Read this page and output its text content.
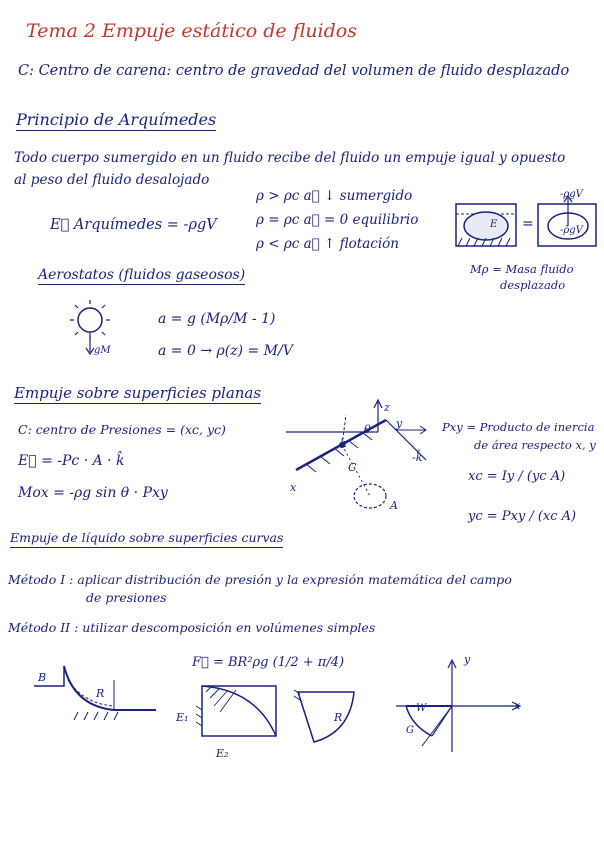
Tema 2 Empuje estático de fluidos
C: Centro de carena: centro de gravedad del volumen de fluido desplazado
Principio de Arquímedes
Todo cuerpo sumergido en un fluido recibe del fluido un empuje igual y opuesto
al peso del fluido desalojado
E⃗ Arquímedes = -ρgV
ρ > ρc a⃗ ↓ sumergido
ρ = ρc a⃗ = 0 equilibrio
ρ < ρc a⃗ ↑ flotación
=
-ρgV
E
-ρ̄gV
Mρ = Masa fluido
desplazado
Aerostatos (fluidos gaseosos)
gM
a = g (Mρ/M - 1)
a = 0 → ρ(z) = M/V
Empuje sobre superficies planas
C: centro de Presiones = (xc, yc)
E⃗ = -Pc · A · k̂
Mox = -ρg sin θ · Pxy
z
y
θ
h
C
-k̂
A
x
Pxy = Producto de inercia
de área respecto x, y
xc = Iy / (yc A)
yc = Pxy / (xc A)
Empuje de líquido sobre superficies curvas
Método I : aplicar distribución de presión y la expresión matemática del campo
de presiones
Método II : utilizar descomposición en volúmenes simples
F⃗ = BR²ρg (1/2 + π/4)
B
R
E₁
E₂
R
y
x
W
G
